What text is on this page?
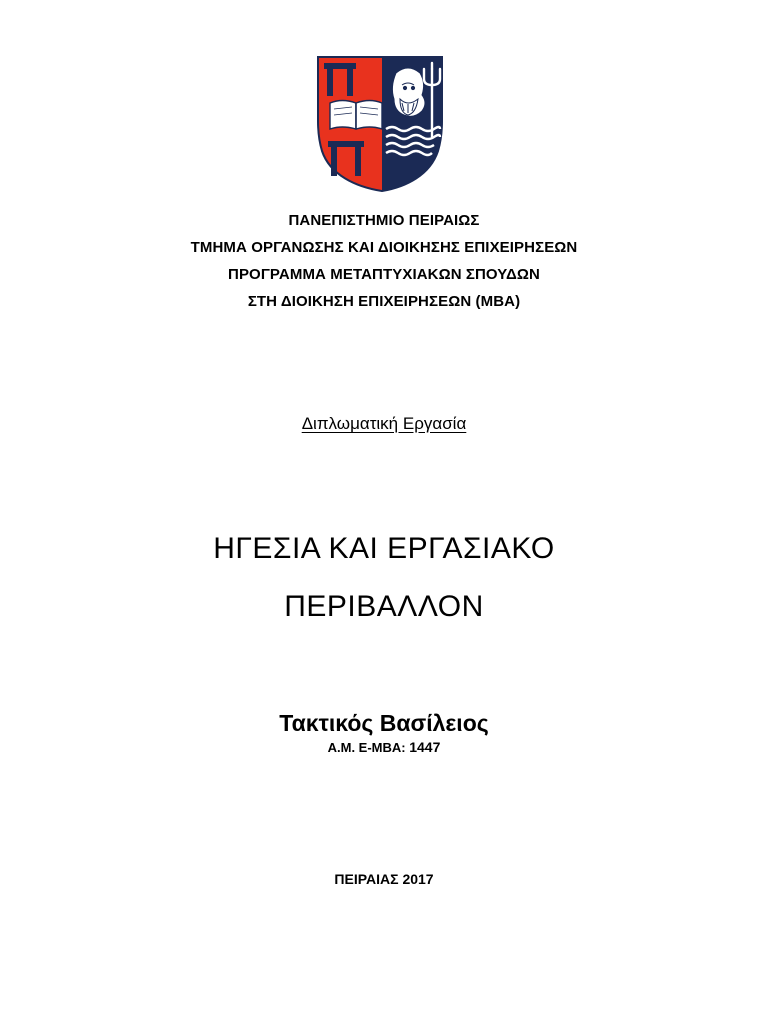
ΠΑΝΕΠΙΣΤΗΜΙΟ ΠΕΙΡΑΙΩΣ
ΤΜΗΜΑ ΟΡΓΑΝΩΣΗΣ ΚΑΙ ΔΙΟΙΚΗΣΗΣ ΕΠΙΧΕΙΡΗΣΕΩΝ
ΠΡΟΓΡΑΜΜΑ ΜΕΤΑΠΤΥΧΙΑΚΩΝ ΣΠΟΥΔΩΝ
ΣΤΗ ΔΙΟΙΚΗΣΗ ΕΠΙΧΕΙΡΗΣΕΩΝ (MBA)
Διπλωματική Εργασία
ΗΓΕΣΙΑ ΚΑΙ ΕΡΓΑΣΙΑΚΟ
ΠΕΡΙΒΑΛΛΟΝ
Τακτικός Βασίλειος
Α.Μ. Ε-ΜΒΑ: 1447
ΠΕΙΡΑΙΑΣ 2017
